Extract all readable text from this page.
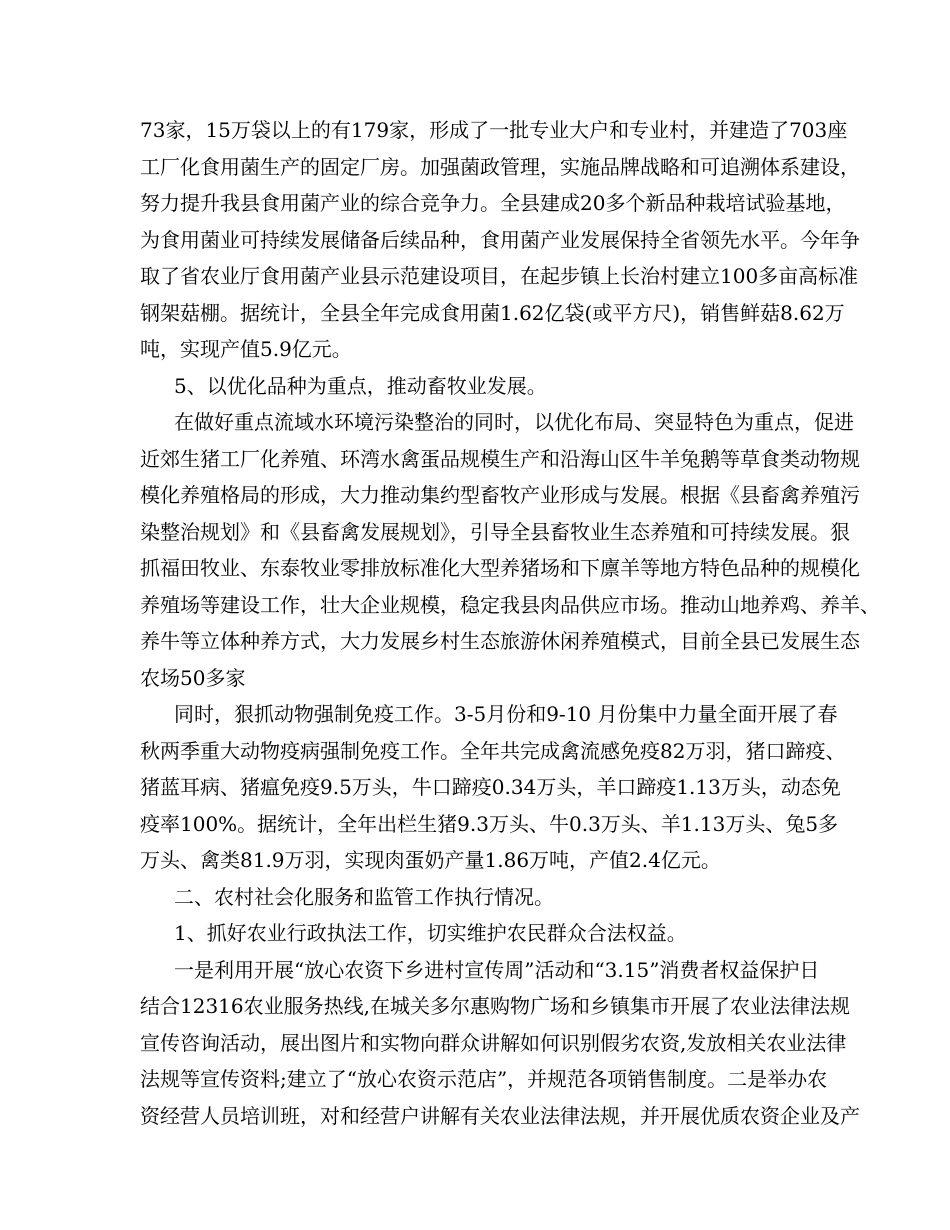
73家，15万袋以上的有179家，形成了一批专业大户和专业村，并建造了703座
工厂化食用菌生产的固定厂房。加强菌政管理，实施品牌战略和可追溯体系建设，
努力提升我县食用菌产业的综合竞争力。全县建成20多个新品种栽培试验基地，
为食用菌业可持续发展储备后续品种，食用菌产业发展保持全省领先水平。今年争
取了省农业厅食用菌产业县示范建设项目，在起步镇上长治村建立100多亩高标准
钢架菇棚。据统计，全县全年完成食用菌1.62亿袋(或平方尺)，销售鲜菇8.62万
吨，实现产值5.9亿元。
5、以优化品种为重点，推动畜牧业发展。
在做好重点流域水环境污染整治的同时，以优化布局、突显特色为重点，促进
近郊生猪工厂化养殖、环湾水禽蛋品规模生产和沿海山区牛羊兔鹅等草食类动物规
模化养殖格局的形成，大力推动集约型畜牧产业形成与发展。根据《县畜禽养殖污
染整治规划》和《县畜禽发展规划》，引导全县畜牧业生态养殖和可持续发展。狠
抓福田牧业、东泰牧业零排放标准化大型养猪场和下廪羊等地方特色品种的规模化
养殖场等建设工作，壮大企业规模，稳定我县肉品供应市场。推动山地养鸡、养羊、
养牛等立体种养方式，大力发展乡村生态旅游休闲养殖模式，目前全县已发展生态
农场50多家
同时，狠抓动物强制免疫工作。3-5月份和9-10 月份集中力量全面开展了春
秋两季重大动物疫病强制免疫工作。全年共完成禽流感免疫82万羽，猪口蹄疫、
猪蓝耳病、猪瘟免疫9.5万头，牛口蹄疫0.34万头，羊口蹄疫1.13万头，动态免
疫率100%。据统计，全年出栏生猪9.3万头、牛0.3万头、羊1.13万头、兔5多
万头、禽类81.9万羽，实现肉蛋奶产量1.86万吨，产值2.4亿元。
二、农村社会化服务和监管工作执行情况。
1、抓好农业行政执法工作，切实维护农民群众合法权益。
一是利用开展“放心农资下乡进村宣传周”活动和“3.15”消费者权益保护日
结合12316农业服务热线,在城关多尔惠购物广场和乡镇集市开展了农业法律法规
宣传咨询活动，展出图片和实物向群众讲解如何识别假劣农资,发放相关农业法律
法规等宣传资料;建立了“放心农资示范店”，并规范各项销售制度。二是举办农
资经营人员培训班，对和经营户讲解有关农业法律法规，并开展优质农资企业及产
